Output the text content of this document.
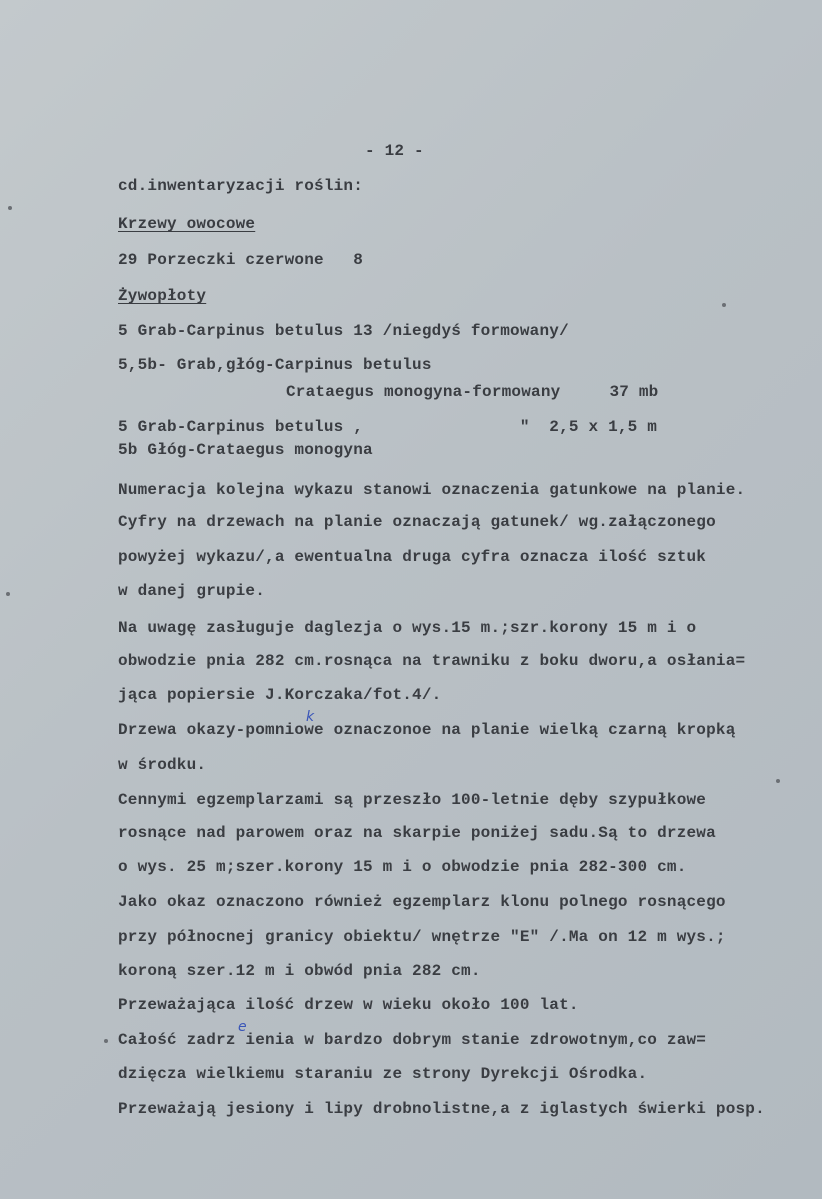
- 12 -
cd.inwentaryzacji roślin:
Krzewy owocowe
29 Porzeczki czerwone   8
Żywopłoty
5 Grab-Carpinus betulus 13 /niegdyś formowany/
5,5b- Grab,głóg-Carpinus betulus
Crataegus monogyna-formowany     37 mb
5 Grab-Carpinus betulus ,                "  2,5 x 1,5 m
5b Głóg-Crataegus monogyna
Numeracja kolejna wykazu stanowi oznaczenia gatunkowe na planie.
Cyfry na drzewach na planie oznaczają gatunek/ wg.załączonego
powyżej wykazu/,a ewentualna druga cyfra oznacza ilość sztuk
w danej grupie.
Na uwagę zasługuje daglezja o wys.15 m.;szr.korony 15 m i o
obwodzie pnia 282 cm.rosnąca na trawniku z boku dworu,a osłania=
jąca popiersie J.Korczaka/fot.4/.
Drzewa okazy-pomniowe oznaczonoe na planie wielką czarną kropką
w środku.
Cennymi egzemplarzami są przeszło 100-letnie dęby szypułkowe
rosnące nad parowem oraz na skarpie poniżej sadu.Są to drzewa
o wys. 25 m;szer.korony 15 m i o obwodzie pnia 282-300 cm.
Jako okaz oznaczono również egzemplarz klonu polnego rosnącego
przy północnej granicy obiektu/ wnętrze "E" /.Ma on 12 m wys.;
koroną szer.12 m i obwód pnia 282 cm.
Przeważająca ilość drzew w wieku około 100 lat.
Całość zadrz ienia w bardzo dobrym stanie zdrowotnym,co zaw=
dzięcza wielkiemu staraniu ze strony Dyrekcji Ośrodka.
Przeważają jesiony i lipy drobnolistne,a z iglastych świerki posp.
k
e
